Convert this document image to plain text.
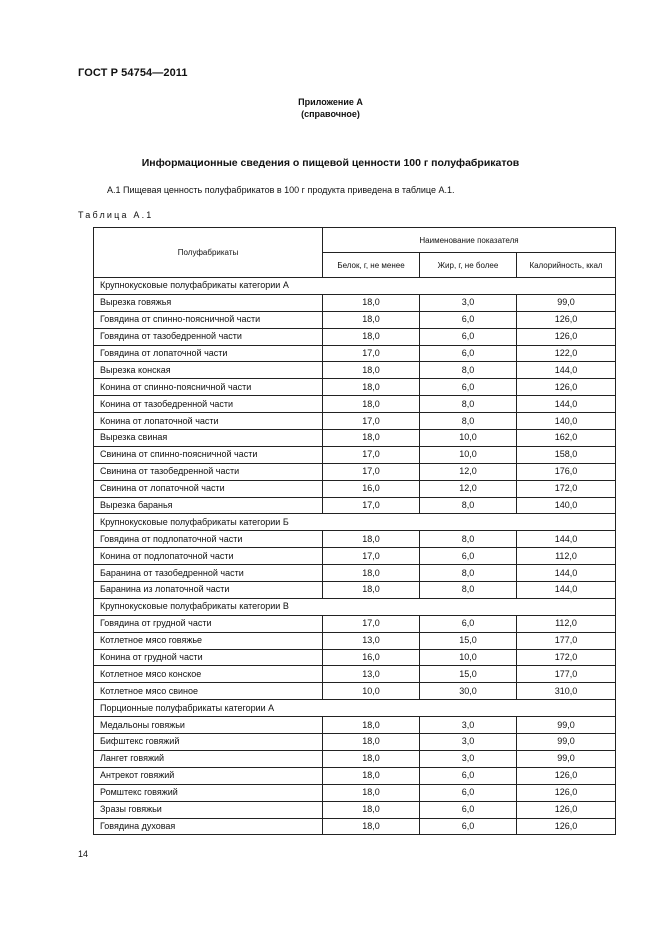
ГОСТ Р 54754—2011
Приложение А
(справочное)
Информационные сведения о пищевой ценности 100 г полуфабрикатов
А.1 Пищевая ценность полуфабрикатов в 100 г продукта приведена в таблице А.1.
Таблица А.1
Полуфабрикаты	Наименование показателя		
	Белок, г, не менее	Жир, г, не более	Калорийность, ккал
Крупнокусковые полуфабрикаты категории А			
Вырезка говяжья	18,0	3,0	99,0
Говядина от спинно-поясничной части	18,0	6,0	126,0
Говядина от тазобедренной части	18,0	6,0	126,0
Говядина от лопаточной части	17,0	6,0	122,0
Вырезка конская	18,0	8,0	144,0
Конина от спинно-поясничной части	18,0	6,0	126,0
Конина от тазобедренной части	18,0	8,0	144,0
Конина от лопаточной части	17,0	8,0	140,0
Вырезка свиная	18,0	10,0	162,0
Свинина от спинно-поясничной части	17,0	10,0	158,0
Свинина от тазобедренной части	17,0	12,0	176,0
Свинина от лопаточной части	16,0	12,0	172,0
Вырезка баранья	17,0	8,0	140,0
Крупнокусковые полуфабрикаты категории Б			
Говядина от подлопаточной части	18,0	8,0	144,0
Конина от подлопаточной части	17,0	6,0	112,0
Баранина от тазобедренной части	18,0	8,0	144,0
Баранина из лопаточной части	18,0	8,0	144,0
Крупнокусковые полуфабрикаты категории В			
Говядина от грудной части	17,0	6,0	112,0
Котлетное мясо говяжье	13,0	15,0	177,0
Конина от грудной части	16,0	10,0	172,0
Котлетное мясо конское	13,0	15,0	177,0
Котлетное мясо свиное	10,0	30,0	310,0
Порционные полуфабрикаты категории А			
Медальоны говяжьи	18,0	3,0	99,0
Бифштекс говяжий	18,0	3,0	99,0
Лангет говяжий	18,0	3,0	99,0
Антрекот говяжий	18,0	6,0	126,0
Ромштекс говяжий	18,0	6,0	126,0
Зразы говяжьи	18,0	6,0	126,0
Говядина духовая	18,0	6,0	126,0
14
